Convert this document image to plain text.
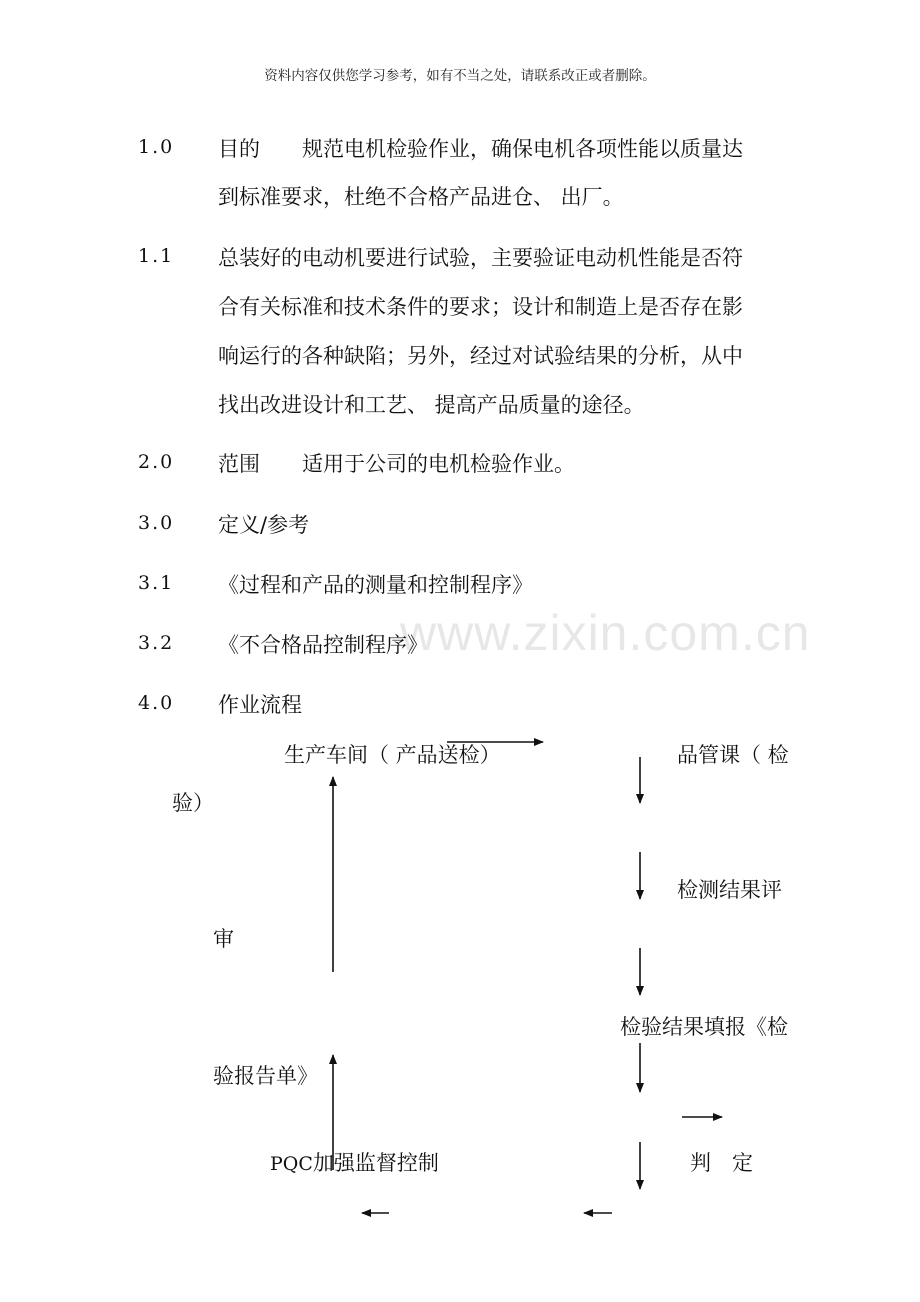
资料内容仅供您学习参考，如有不当之处，请联系改正或者删除。
1.0 目的　　规范电机检验作业，确保电机各项性能以质量达
到标准要求，杜绝不合格产品进仓、 出厂。
1.1 总装好的电动机要进行试验，主要验证电动机性能是否符
合有关标准和技术条件的要求；设计和制造上是否存在影
响运行的各种缺陷；另外，经过对试验结果的分析，从中
找出改进设计和工艺、 提高产品质量的途径。
2.0 范围　　适用于公司的电机检验作业。
3.0 定义/参考
3.1 《过程和产品的测量和控制程序》
www.zixin.com.cn
3.2 《不合格品控制程序》
4.0 作业流程
生产车间（ 产品送检）	品管课（ 检
验）
检测结果评
审
检验结果填报《检
验报告单》
PQC加强监督控制	判　定
